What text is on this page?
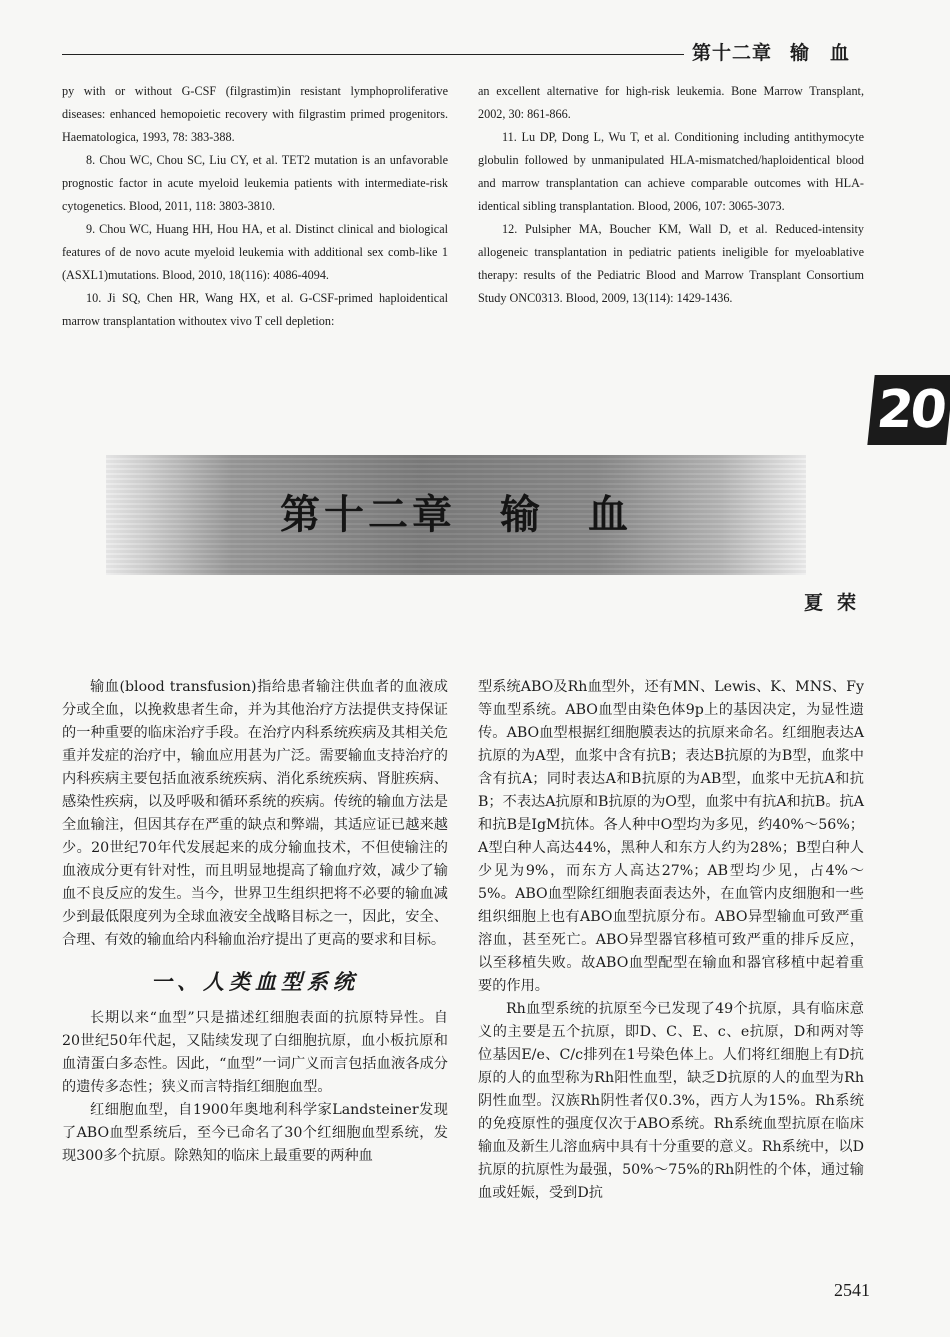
第十二章 输　血

py with or without G-CSF (filgrastim)in resistant lymphoproliferative diseases: enhanced hemopoietic recovery with filgrastim primed progenitors. Haematologica, 1993, 78: 383-388.

8. Chou WC, Chou SC, Liu CY, et al. TET2 mutation is an unfavorable prognostic factor in acute myeloid leukemia patients with intermediate-risk cytogenetics. Blood, 2011, 118: 3803-3810.

9. Chou WC, Huang HH, Hou HA, et al. Distinct clinical and biological features of de novo acute myeloid leukemia with additional sex comb-like 1 (ASXL1)mutations. Blood, 2010, 18(116): 4086-4094.

10. Ji SQ, Chen HR, Wang HX, et al. G-CSF-primed haploidentical marrow transplantation withoutex vivo T cell depletion:

an excellent alternative for high-risk leukemia. Bone Marrow Transplant, 2002, 30: 861-866.

11. Lu DP, Dong L, Wu T, et al. Conditioning including antithymocyte globulin followed by unmanipulated HLA-mismatched/haploidentical blood and marrow transplantation can achieve comparable outcomes with HLA-identical sibling transplantation. Blood, 2006, 107: 3065-3073.

12. Pulsipher MA, Boucher KM, Wall D, et al. Reduced-intensity allogeneic transplantation in pediatric patients ineligible for myeloablative therapy: results of the Pediatric Blood and Marrow Transplant Consortium Study ONC0313. Blood, 2009, 13(114): 1429-1436.

20
第十二章 输　血
夏荣

输血(blood transfusion)指给患者输注供血者的血液成分或全血，以挽救患者生命，并为其他治疗方法提供支持保证的一种重要的临床治疗手段。在治疗内科系统疾病及其相关危重并发症的治疗中，输血应用甚为广泛。需要输血支持治疗的内科疾病主要包括血液系统疾病、消化系统疾病、肾脏疾病、感染性疾病，以及呼吸和循环系统的疾病。传统的输血方法是全血输注，但因其存在严重的缺点和弊端，其适应证已越来越少。20世纪70年代发展起来的成分输血技术，不但使输注的血液成分更有针对性，而且明显地提高了输血疗效，减少了输血不良反应的发生。当今，世界卫生组织把将不必要的输血减少到最低限度列为全球血液安全战略目标之一，因此，安全、合理、有效的输血给内科输血治疗提出了更高的要求和目标。

一、人类血型系统

长期以来“血型”只是描述红细胞表面的抗原特异性。自20世纪50年代起，又陆续发现了白细胞抗原，血小板抗原和血清蛋白多态性。因此，“血型”一词广义而言包括血液各成分的遗传多态性；狭义而言特指红细胞血型。

红细胞血型，自1900年奥地利科学家Landsteiner发现了ABO血型系统后，至今已命名了30个红细胞血型系统，发现300多个抗原。除熟知的临床上最重要的两种血

型系统ABO及Rh血型外，还有MN、Lewis、K、MNS、Fy等血型系统。ABO血型由染色体9p上的基因决定，为显性遗传。ABO血型根据红细胞膜表达的抗原来命名。红细胞表达A抗原的为A型，血浆中含有抗B；表达B抗原的为B型，血浆中含有抗A；同时表达A和B抗原的为AB型，血浆中无抗A和抗B；不表达A抗原和B抗原的为O型，血浆中有抗A和抗B。抗A和抗B是IgM抗体。各人种中O型均为多见，约40%～56%；A型白种人高达44%，黑种人和东方人约为28%；B型白种人少见为9%，而东方人高达27%；AB型均少见，占4%～5%。ABO血型除红细胞表面表达外，在血管内皮细胞和一些组织细胞上也有ABO血型抗原分布。ABO异型输血可致严重溶血，甚至死亡。ABO异型器官移植可致严重的排斥反应，以至移植失败。故ABO血型配型在输血和器官移植中起着重要的作用。

Rh血型系统的抗原至今已发现了49个抗原，具有临床意义的主要是五个抗原，即D、C、E、c、e抗原，D和两对等位基因E/e、C/c排列在1号染色体上。人们将红细胞上有D抗原的人的血型称为Rh阳性血型，缺乏D抗原的人的血型为Rh阴性血型。汉族Rh阴性者仅0.3%，西方人为15%。Rh系统的免疫原性的强度仅次于ABO系统。Rh系统血型抗原在临床输血及新生儿溶血病中具有十分重要的意义。Rh系统中，以D抗原的抗原性为最强，50%～75%的Rh阴性的个体，通过输血或妊娠，受到D抗

2541
